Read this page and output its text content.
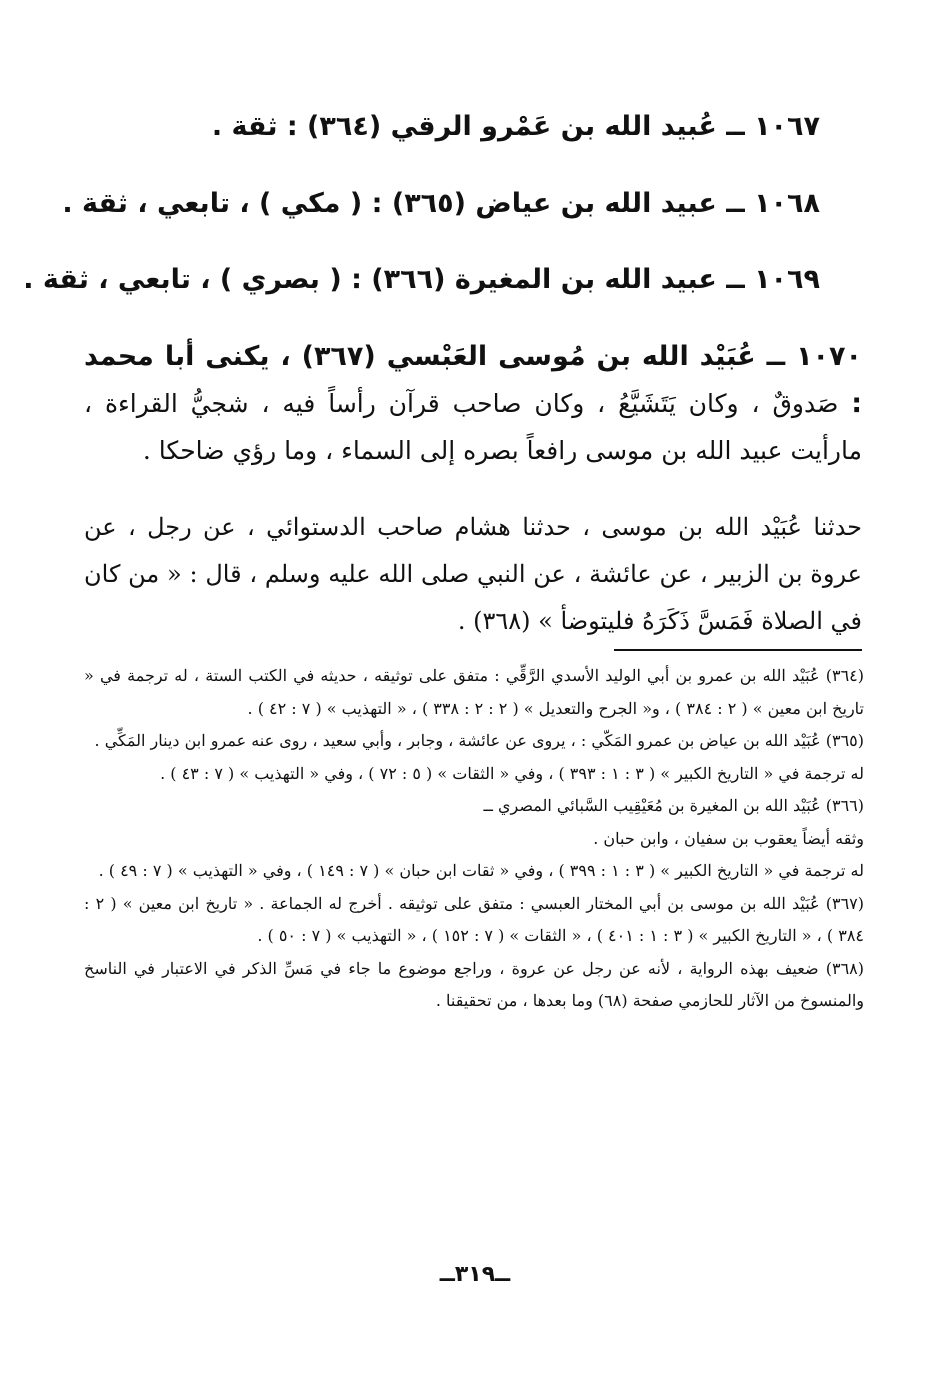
١٠٦٧ ــ عُبيد الله بن عَمْرو الرقي (٣٦٤) : ثقة .
١٠٦٨ ــ عبيد الله بن عياض (٣٦٥) : ( مكي ) ، تابعي ، ثقة .
١٠٦٩ ــ عبيد الله بن المغيرة (٣٦٦) : ( بصري ) ، تابعي ، ثقة .
١٠٧٠ ــ عُبَيْد الله بن مُوسى العَبْسي (٣٦٧) ، يكنى أبا محمد : صَدوقٌ ، وكان يَتَشَيَّعُ ، وكان صاحب قرآن رأساً فيه ، شجيُّ القراءة ، مارأيت عبيد الله بن موسى رافعاً بصره إلى السماء ، وما رؤي ضاحكا .
حدثنا عُبَيْد الله بن موسى ، حدثنا هشام صاحب الدستوائي ، عن رجل ، عن عروة بن الزبير ، عن عائشة ، عن النبي صلى الله عليه وسلم ، قال : « من كان في الصلاة فَمَسَّ ذَكَرَهُ فليتوضأ » (٣٦٨) .
(٣٦٤) عُبَيْد الله بن عمرو بن أبي الوليد الأسدي الرَّقِّي : متفق على توثيقه ، حديثه في الكتب الستة ، له ترجمة في « تاريخ ابن معين » ( ٢ : ٣٨٤ ) ، و« الجرح والتعديل » ( ٢ : ٢ : ٣٣٨ ) ، « التهذيب » ( ٧ : ٤٢ ) .
(٣٦٥) عُبَيْد الله بن عياض بن عمرو المَكّي : ، يروى عن عائشة ، وجابر ، وأبي سعيد ، روى عنه عمرو ابن دينار المَكِّي .
له ترجمة في « التاريخ الكبير » ( ٣ : ١ : ٣٩٣ ) ، وفي « الثقات » ( ٥ : ٧٢ ) ، وفي « التهذيب » ( ٧ : ٤٣ ) .
(٣٦٦) عُبَيْد الله بن المغيرة بن مُعَيْقِيب السَّبائي المصري ــ
وثقه أيضاً يعقوب بن سفيان ، وابن حبان .
له ترجمة في « التاريخ الكبير » ( ٣ : ١ : ٣٩٩ ) ، وفي « ثقات ابن حبان » ( ٧ : ١٤٩ ) ، وفي « التهذيب » ( ٧ : ٤٩ ) .
(٣٦٧) عُبَيْد الله بن موسى بن أبي المختار العبسي : متفق على توثيقه . أخرج له الجماعة . « تاريخ ابن معين » ( ٢ : ٣٨٤ ) ، « التاريخ الكبير » ( ٣ : ١ : ٤٠١ ) ، « الثقات » ( ٧ : ١٥٢ ) ، « التهذيب » ( ٧ : ٥٠ ) .
(٣٦٨) ضعيف بهذه الرواية ، لأنه عن رجل عن عروة ، وراجع موضوع ما جاء في مَسِّ الذكر في الاعتبار في الناسخ والمنسوخ من الآثار للحازمي صفحة (٦٨) وما بعدها ، من تحقيقنا .
ــ٣١٩ــ
